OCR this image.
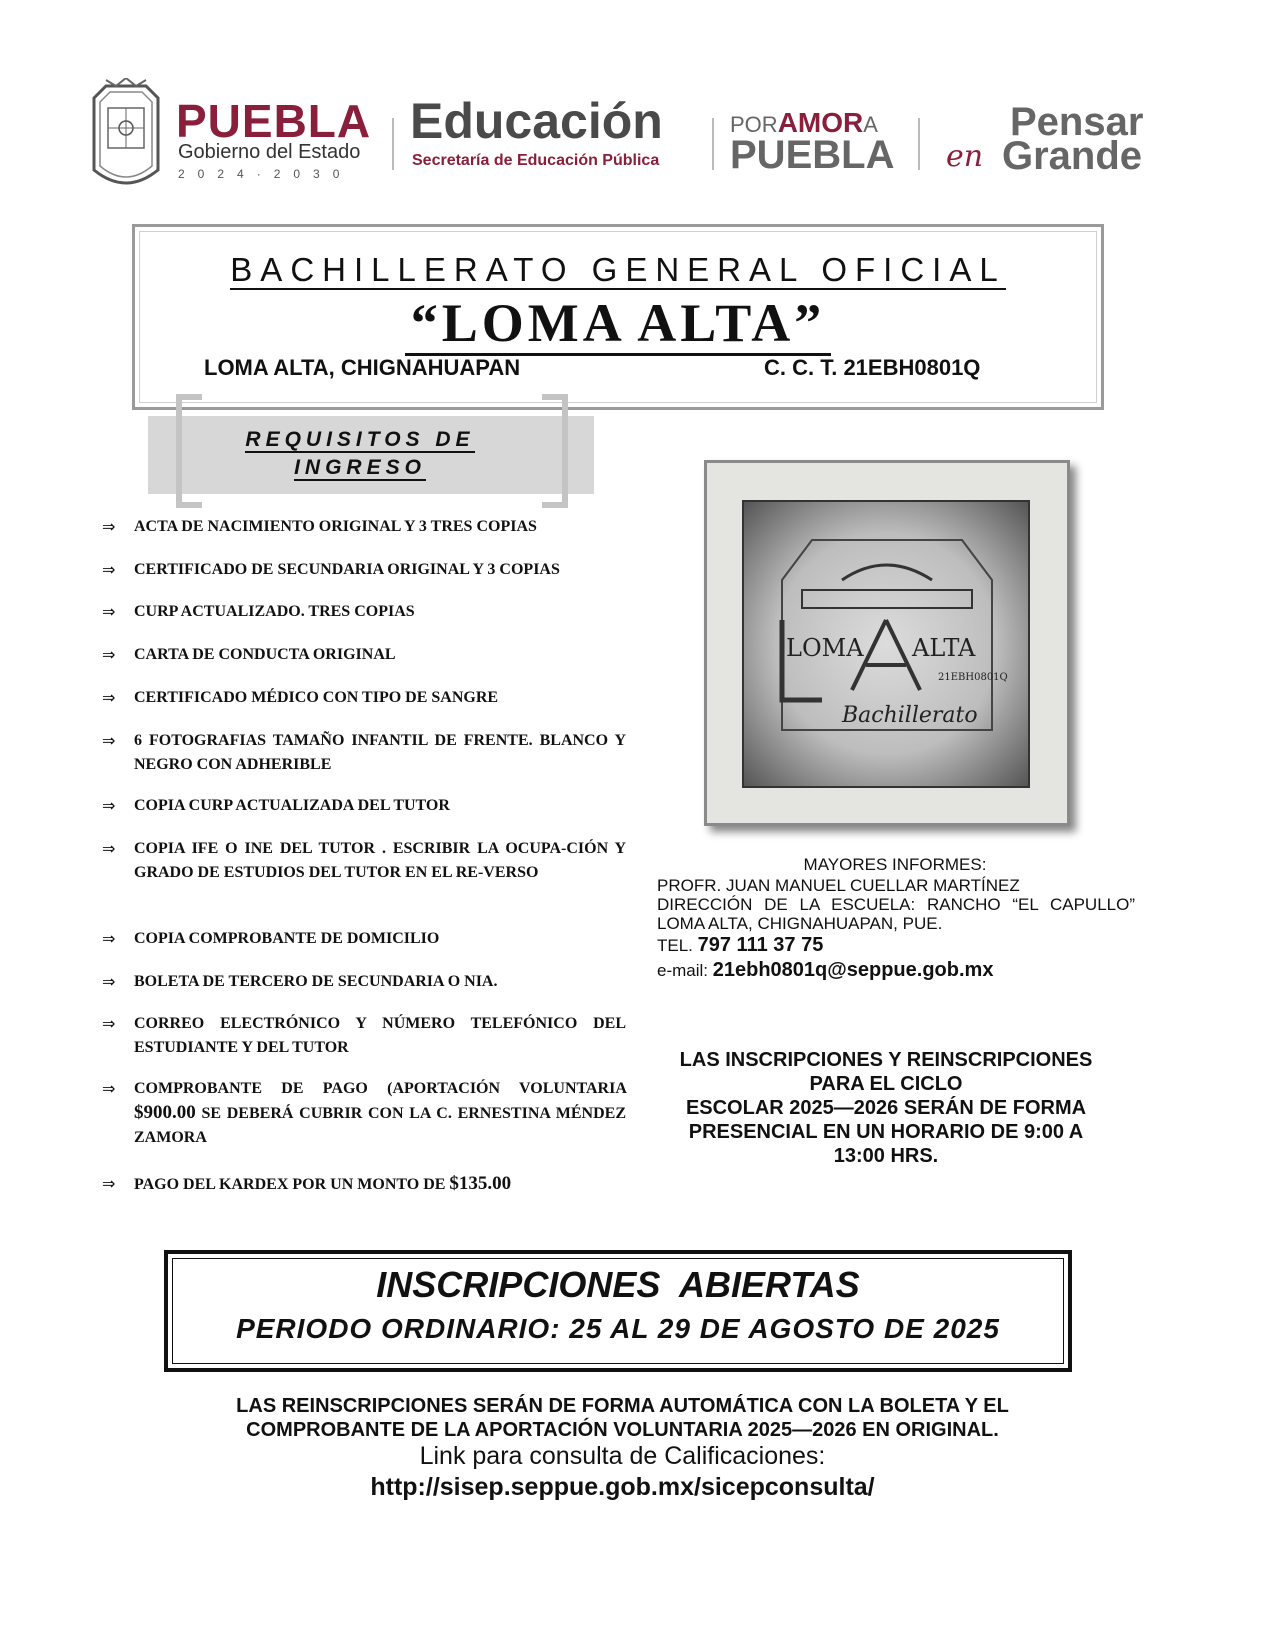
PUEBLA
Gobierno del Estado
2024·2030
Educación
Secretaría de Educación Pública
PORAMORA
PUEBLA
Pensar
en Grande
BACHILLERATO GENERAL OFICIAL
“LOMA ALTA”
LOMA ALTA, CHIGNAHUAPAN	C. C. T. 21EBH0801Q
REQUISITOS DE
INGRESO
⇒ ACTA DE NACIMIENTO ORIGINAL Y 3 TRES COPIAS
⇒ CERTIFICADO DE SECUNDARIA ORIGINAL Y 3 COPIAS
⇒ CURP ACTUALIZADO. TRES COPIAS
⇒ CARTA DE CONDUCTA ORIGINAL
⇒ CERTIFICADO MÉDICO CON TIPO DE SANGRE
⇒ 6 FOTOGRAFIAS TAMAÑO INFANTIL DE FRENTE. BLANCO Y NEGRO CON ADHERIBLE
⇒ COPIA CURP ACTUALIZADA DEL TUTOR
⇒ COPIA IFE O INE DEL TUTOR . ESCRIBIR LA OCUPA-CIÓN Y GRADO DE ESTUDIOS DEL TUTOR EN EL RE-VERSO
⇒ COPIA COMPROBANTE DE DOMICILIO
⇒ BOLETA DE TERCERO DE SECUNDARIA O NIA.
⇒ CORREO ELECTRÓNICO Y NÚMERO TELEFÓNICO DEL ESTUDIANTE Y DEL TUTOR
⇒ COMPROBANTE DE PAGO (APORTACIÓN VOLUNTARIA $900.00 SE DEBERÁ CUBRIR CON LA C. ERNESTINA MÉNDEZ ZAMORA
⇒ PAGO DEL KARDEX POR UN MONTO DE $135.00
LOMA ALTA
21EBH0801Q
Bachillerato
MAYORES INFORMES:
PROFR. JUAN MANUEL CUELLAR MARTÍNEZ
DIRECCIÓN DE LA ESCUELA: RANCHO “EL CAPULLO”
LOMA ALTA, CHIGNAHUAPAN, PUE.
TEL. 797 111 37 75
e-mail: 21ebh0801q@seppue.gob.mx
LAS INSCRIPCIONES Y REINSCRIPCIONES
PARA EL CICLO
ESCOLAR 2025—2026 SERÁN DE FORMA
PRESENCIAL EN UN HORARIO DE 9:00 A
13:00 HRS.
INSCRIPCIONES  ABIERTAS
PERIODO ORDINARIO: 25 AL 29 DE AGOSTO DE 2025
LAS REINSCRIPCIONES SERÁN DE FORMA AUTOMÁTICA CON LA BOLETA Y EL
COMPROBANTE DE LA APORTACIÓN VOLUNTARIA 2025—2026 EN ORIGINAL.
Link para consulta de Calificaciones:
http://sisep.seppue.gob.mx/sicepconsulta/
